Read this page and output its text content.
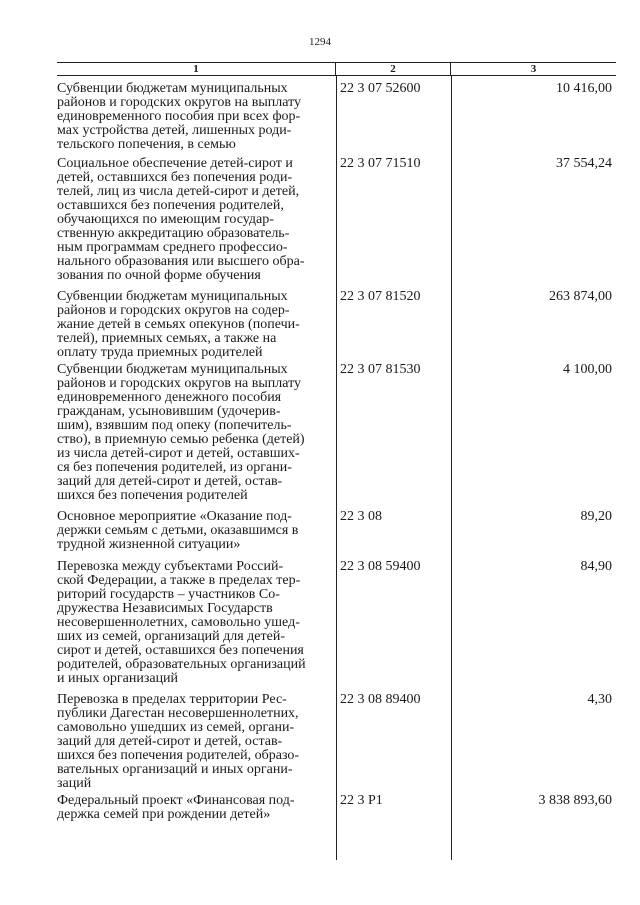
1294
1	2	3
Субвенции бюджетам муниципальных
районов и городских округов на выплату
единовременного пособия при всех фор-
мах устройства детей, лишенных роди-
тельского попечения, в семью
22 3 07 52600	10 416,00
Социальное обеспечение детей-сирот и
детей, оставшихся без попечения роди-
телей, лиц из числа детей-сирот и детей,
оставшихся без попечения родителей,
обучающихся по имеющим государ-
ственную аккредитацию образователь-
ным программам среднего профессио-
нального образования или высшего обра-
зования по очной форме обучения
22 3 07 71510	37 554,24
Субвенции бюджетам муниципальных
районов и городских округов на содер-
жание детей в семьях опекунов (попечи-
телей), приемных семьях, а также на
оплату труда приемных родителей
22 3 07 81520	263 874,00
Субвенции бюджетам муниципальных
районов и городских округов на выплату
единовременного денежного пособия
гражданам, усыновившим (удочерив-
шим), взявшим под опеку (попечитель-
ство), в приемную семью ребенка (детей)
из числа детей-сирот и детей, оставших-
ся без попечения родителей, из органи-
заций для детей-сирот и детей, остав-
шихся без попечения родителей
22 3 07 81530	4 100,00
Основное мероприятие «Оказание под-
держки семьям с детьми, оказавшимся в
трудной жизненной ситуации»
22 3 08	89,20
Перевозка между субъектами Россий-
ской Федерации, а также в пределах тер-
риторий государств – участников Со-
дружества Независимых Государств
несовершеннолетних, самовольно ушед-
ших из семей, организаций для детей-
сирот и детей, оставшихся без попечения
родителей, образовательных организаций
и иных организаций
22 3 08 59400	84,90
Перевозка в пределах территории Рес-
публики Дагестан несовершеннолетних,
самовольно ушедших из семей, органи-
заций для детей-сирот и детей, остав-
шихся без попечения родителей, образо-
вательных организаций и иных органи-
заций
22 3 08 89400	4,30
Федеральный проект «Финансовая под-
держка семей при рождении детей»
22 3 P1	3 838 893,60
